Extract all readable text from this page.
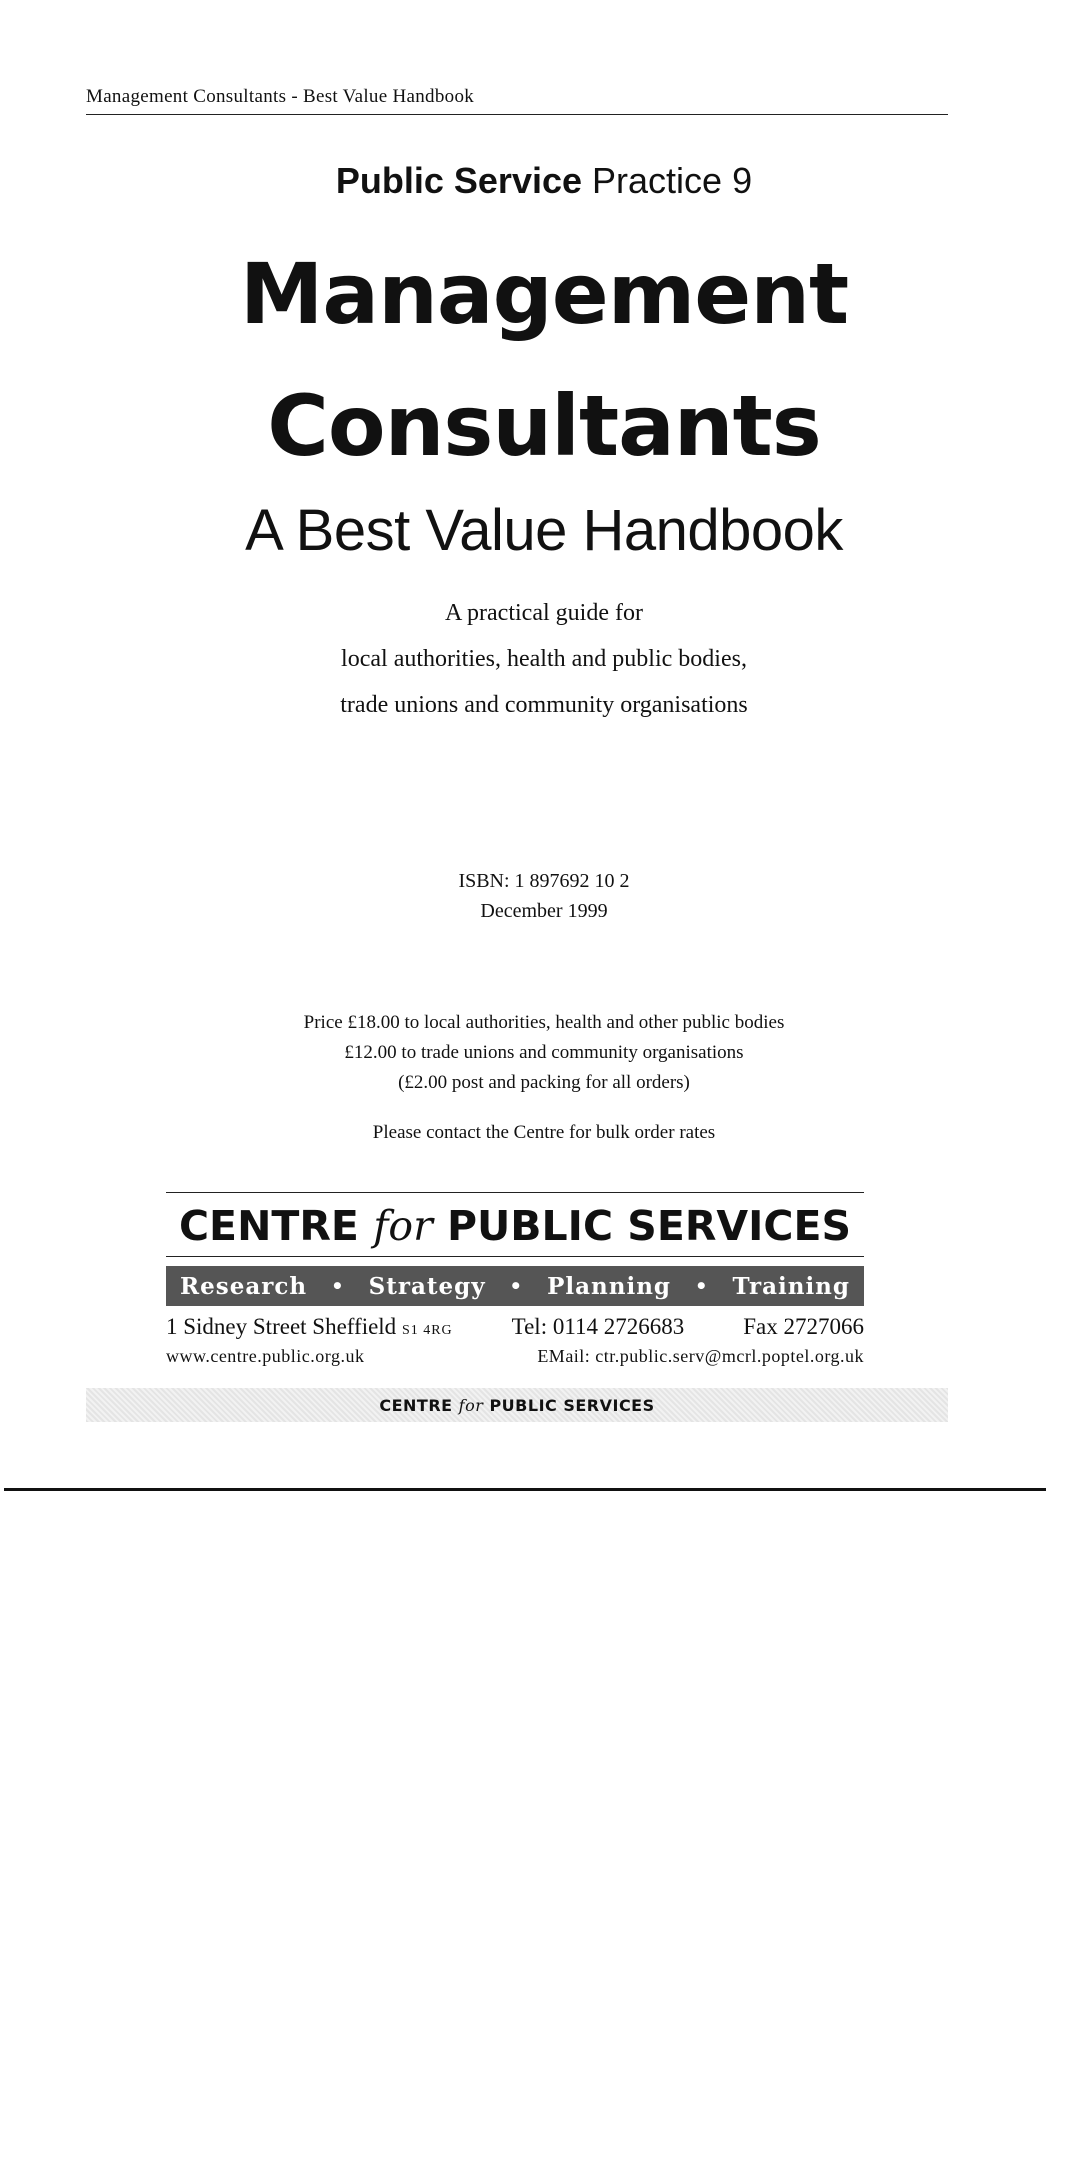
Management Consultants - Best Value Handbook
Public Service Practice 9
Management
Consultants
A Best Value Handbook
A practical guide for
local authorities, health and public bodies,
trade unions and community organisations
ISBN: 1 897692 10 2
December 1999
Price £18.00 to local authorities, health and other public bodies
£12.00 to trade unions and community organisations
(£2.00 post and packing for all orders)
Please contact the Centre for bulk order rates
CENTRE for PUBLIC SERVICES
Research • Strategy • Planning • Training
1 Sidney Street Sheffield S1 4RG	Tel: 0114 2726683	Fax 2727066
www.centre.public.org.uk	EMail: ctr.public.serv@mcrl.poptel.org.uk
CENTRE for PUBLIC SERVICES
